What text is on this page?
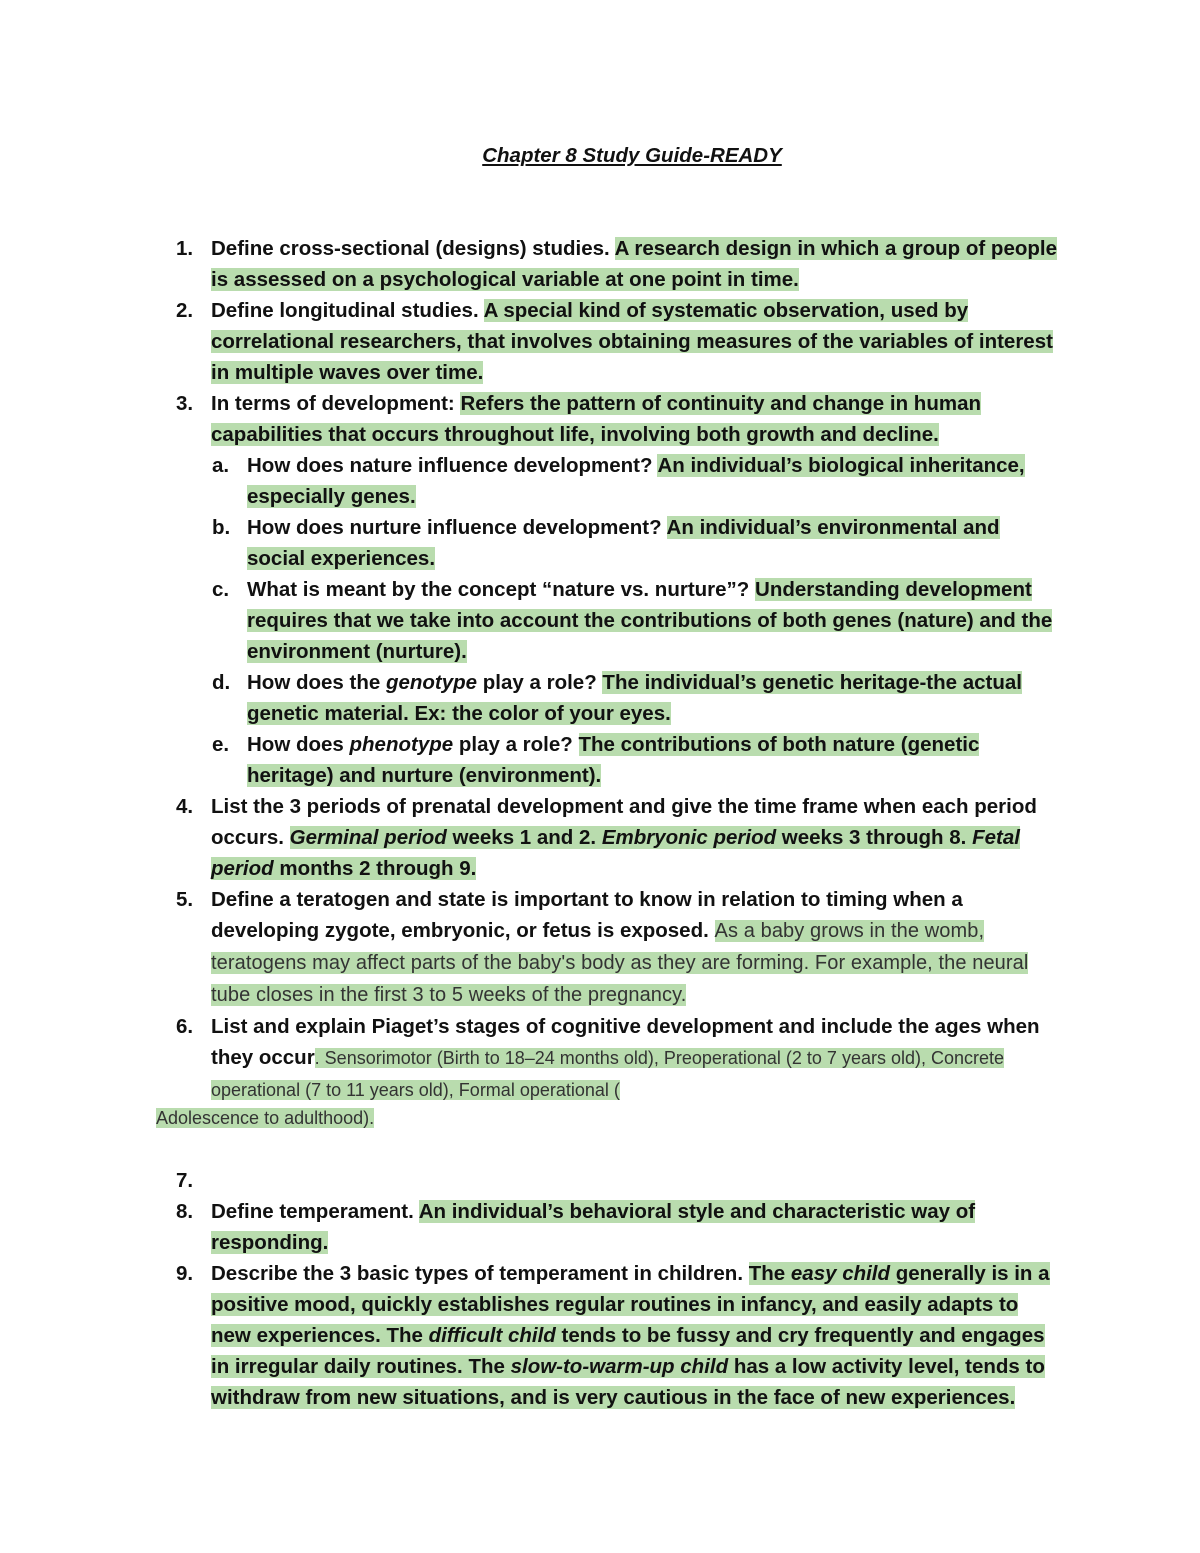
Chapter 8 Study Guide-READY
1. Define cross-sectional (designs) studies. A research design in which a group of people is assessed on a psychological variable at one point in time.
2. Define longitudinal studies. A special kind of systematic observation, used by correlational researchers, that involves obtaining measures of the variables of interest in multiple waves over time.
3. In terms of development: Refers the pattern of continuity and change in human capabilities that occurs throughout life, involving both growth and decline.
a. How does nature influence development? An individual’s biological inheritance, especially genes.
b. How does nurture influence development? An individual’s environmental and social experiences.
c. What is meant by the concept “nature vs. nurture”? Understanding development requires that we take into account the contributions of both genes (nature) and the environment (nurture).
d. How does the genotype play a role? The individual’s genetic heritage-the actual genetic material. Ex: the color of your eyes.
e. How does phenotype play a role? The contributions of both nature (genetic heritage) and nurture (environment).
4. List the 3 periods of prenatal development and give the time frame when each period occurs. Germinal period weeks 1 and 2. Embryonic period weeks 3 through 8. Fetal period months 2 through 9.
5. Define a teratogen and state is important to know in relation to timing when a developing zygote, embryonic, or fetus is exposed. As a baby grows in the womb, teratogens may affect parts of the baby's body as they are forming. For example, the neural tube closes in the first 3 to 5 weeks of the pregnancy.
6. List and explain Piaget’s stages of cognitive development and include the ages when they occur. Sensorimotor (Birth to 18–24 months old), Preoperational (2 to 7 years old), Concrete operational (7 to 11 years old), Formal operational (
Adolescence to adulthood).
7.

8. Define temperament. An individual’s behavioral style and characteristic way of responding.
9. Describe the 3 basic types of temperament in children. The easy child generally is in a positive mood, quickly establishes regular routines in infancy, and easily adapts to new experiences. The difficult child tends to be fussy and cry frequently and engages in irregular daily routines. The slow-to-warm-up child has a low activity level, tends to withdraw from new situations, and is very cautious in the face of new experiences.
